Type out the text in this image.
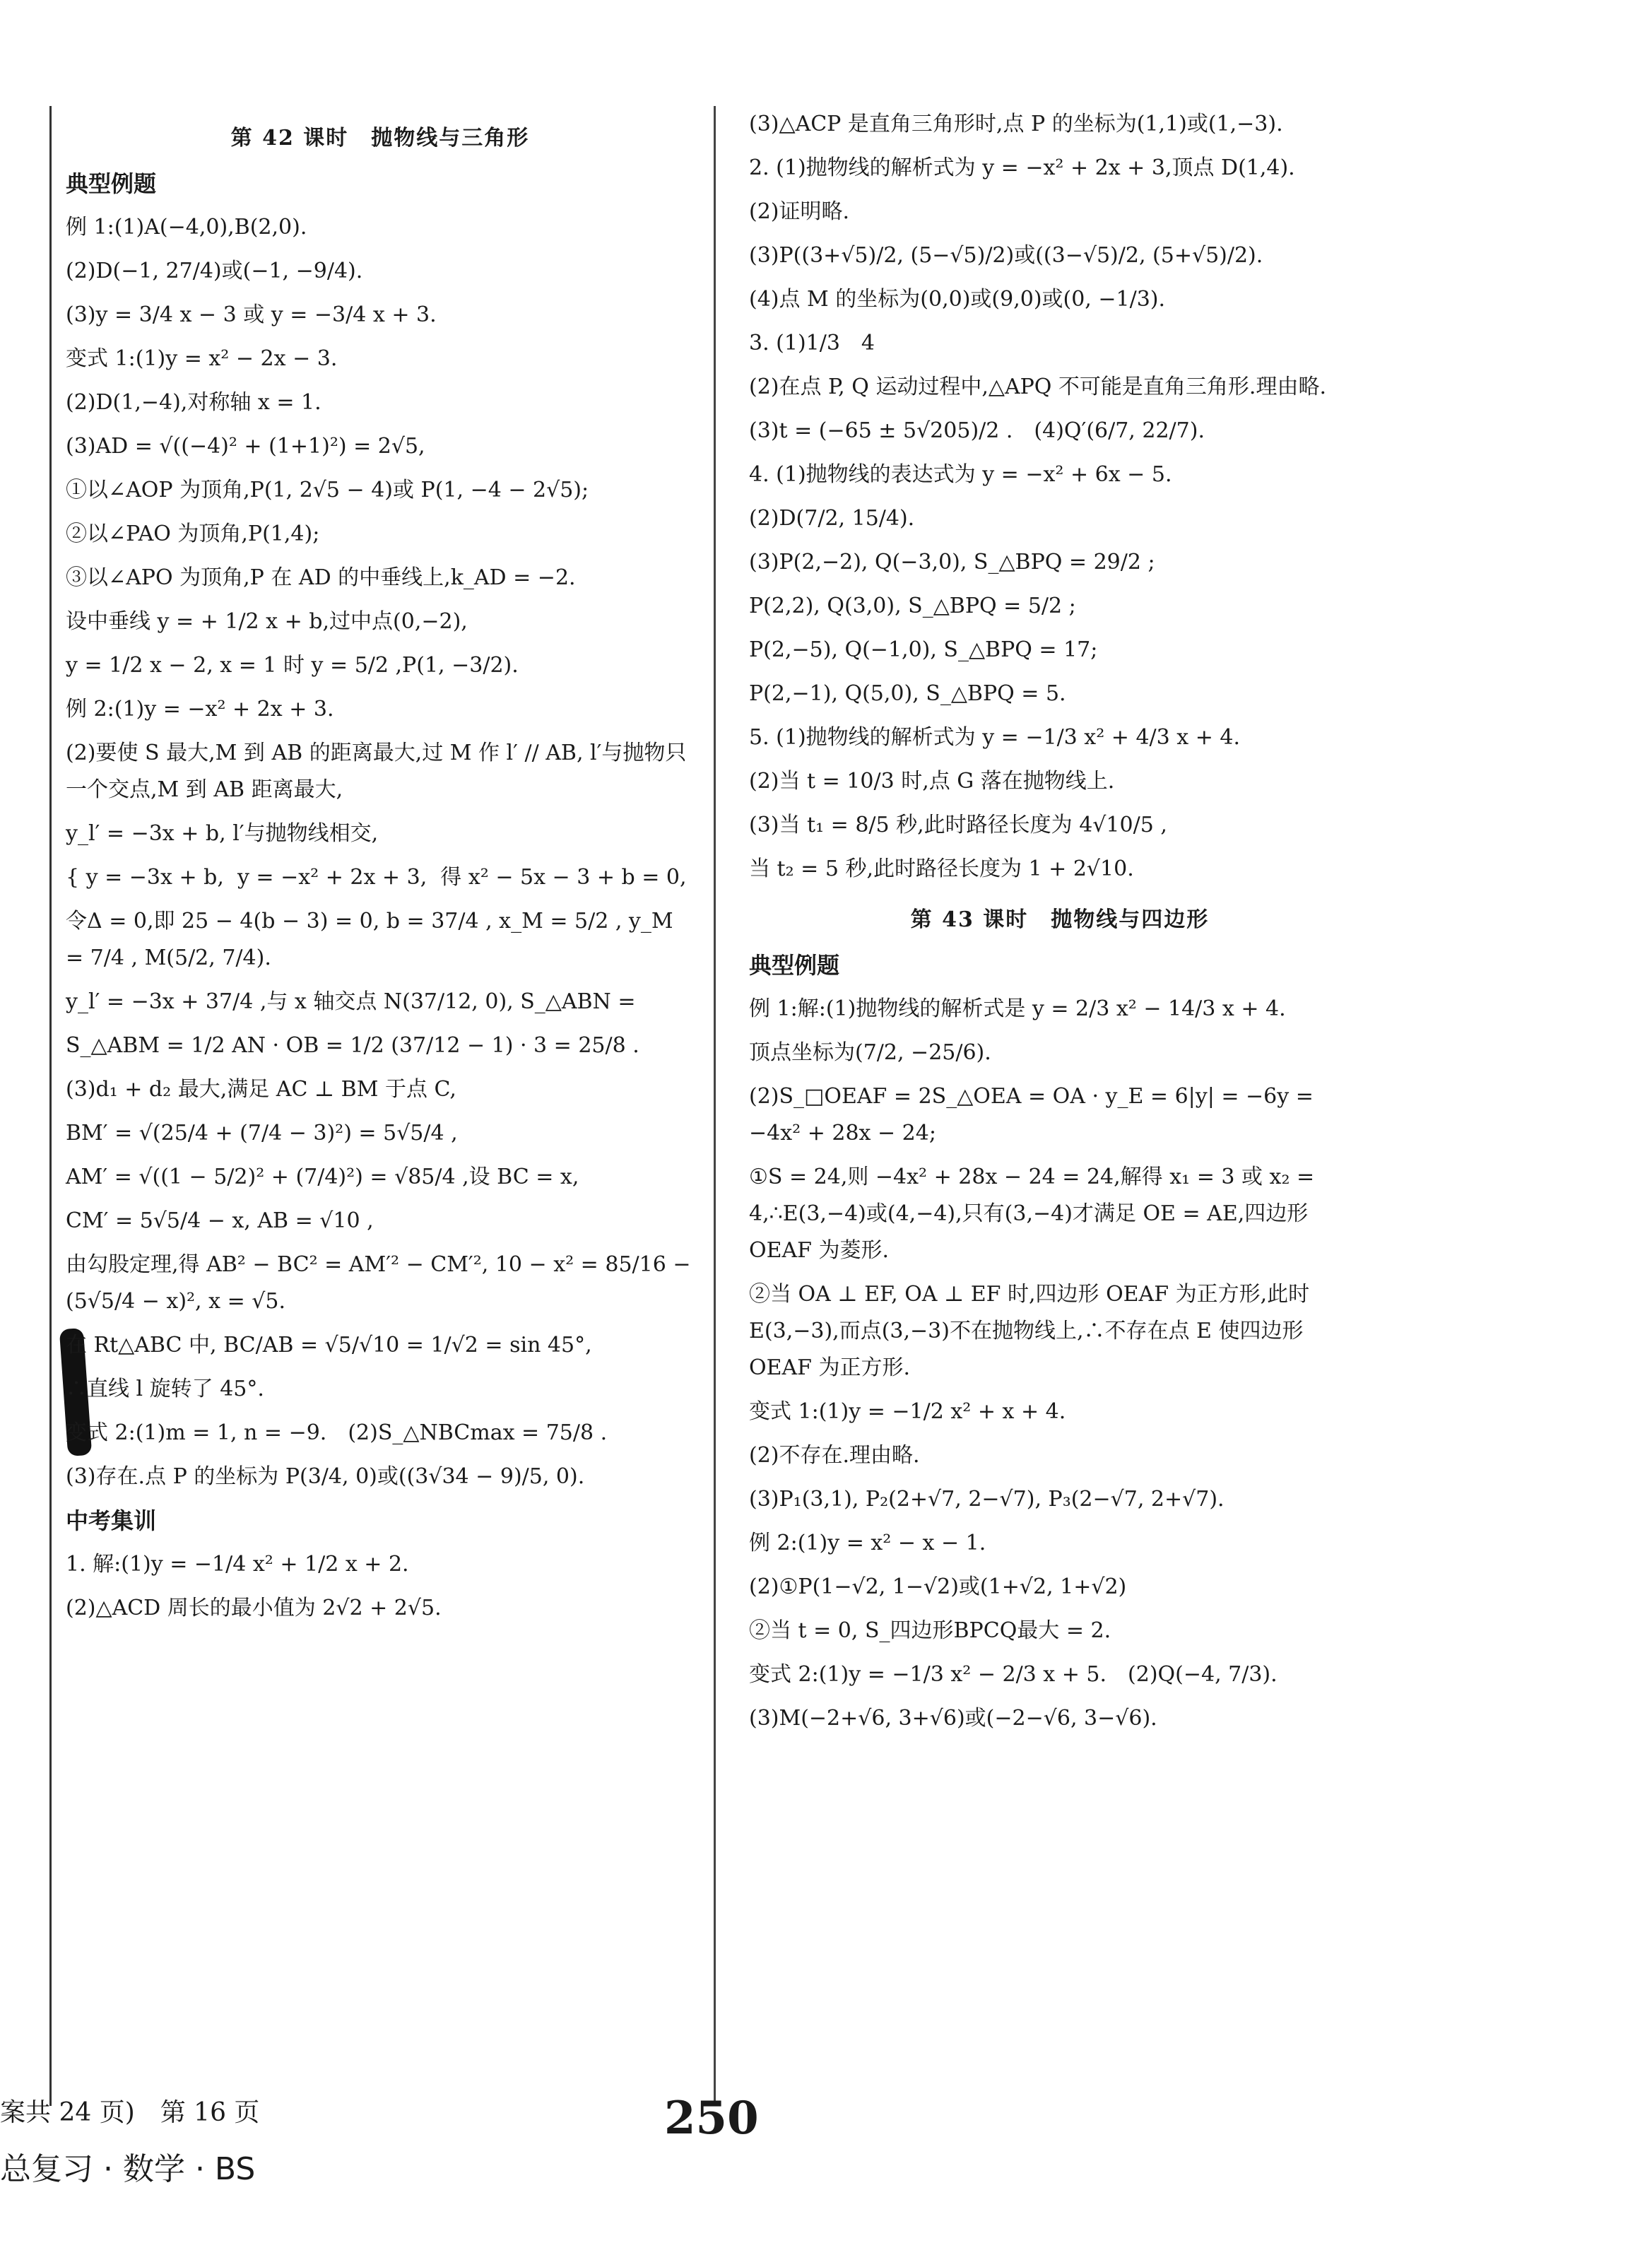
第 42 课时　抛物线与三角形
典型例题
例 1:(1)A(−4,0),B(2,0).
(2)D(−1, 27/4)或(−1, −9/4).
(3)y = 3/4 x − 3 或 y = −3/4 x + 3.
变式 1:(1)y = x² − 2x − 3.
(2)D(1,−4),对称轴 x = 1.
(3)AD = √((−4)² + (1+1)²) = 2√5,
①以∠AOP 为顶角,P(1, 2√5 − 4)或 P(1, −4 − 2√5);
②以∠PAO 为顶角,P(1,4);
③以∠APO 为顶角,P 在 AD 的中垂线上,k_AD = −2.
设中垂线 y = + 1/2 x + b,过中点(0,−2),
y = 1/2 x − 2, x = 1 时 y = 5/2 ,P(1, −3/2).
例 2:(1)y = −x² + 2x + 3.
(2)要使 S 最大,M 到 AB 的距离最大,过 M 作 l′ // AB, l′与抛物只一个交点,M 到 AB 距离最大,
y_l′ = −3x + b, l′与抛物线相交,
{ y = −3x + b,  y = −x² + 2x + 3,  得 x² − 5x − 3 + b = 0,
令Δ = 0,即 25 − 4(b − 3) = 0, b = 37/4 , x_M = 5/2 , y_M = 7/4 , M(5/2, 7/4).
y_l′ = −3x + 37/4 ,与 x 轴交点 N(37/12, 0), S_△ABN =
S_△ABM = 1/2 AN · OB = 1/2 (37/12 − 1) · 3 = 25/8 .
(3)d₁ + d₂ 最大,满足 AC ⊥ BM 于点 C,
BM′ = √(25/4 + (7/4 − 3)²) = 5√5/4 ,
AM′ = √((1 − 5/2)² + (7/4)²) = √85/4 ,设 BC = x,
CM′ = 5√5/4 − x, AB = √10 ,
由勾股定理,得 AB² − BC² = AM′² − CM′², 10 − x² = 85/16 − (5√5/4 − x)², x = √5.
在 Rt△ABC 中, BC/AB = √5/√10 = 1/√2 = sin 45°,
∴直线 l 旋转了 45°.
变式 2:(1)m = 1, n = −9.　(2)S_△NBCmax = 75/8 .
(3)存在.点 P 的坐标为 P(3/4, 0)或((3√34 − 9)/5, 0).
中考集训
1. 解:(1)y = −1/4 x² + 1/2 x + 2.
(2)△ACD 周长的最小值为 2√2 + 2√5.
(3)△ACP 是直角三角形时,点 P 的坐标为(1,1)或(1,−3).
2. (1)抛物线的解析式为 y = −x² + 2x + 3,顶点 D(1,4).
(2)证明略.
(3)P((3+√5)/2, (5−√5)/2)或((3−√5)/2, (5+√5)/2).
(4)点 M 的坐标为(0,0)或(9,0)或(0, −1/3).
3. (1)1/3　4
(2)在点 P, Q 运动过程中,△APQ 不可能是直角三角形.理由略.
(3)t = (−65 ± 5√205)/2 .　(4)Q′(6/7, 22/7).
4. (1)抛物线的表达式为 y = −x² + 6x − 5.
(2)D(7/2, 15/4).
(3)P(2,−2), Q(−3,0), S_△BPQ = 29/2 ;
P(2,2), Q(3,0), S_△BPQ = 5/2 ;
P(2,−5), Q(−1,0), S_△BPQ = 17;
P(2,−1), Q(5,0), S_△BPQ = 5.
5. (1)抛物线的解析式为 y = −1/3 x² + 4/3 x + 4.
(2)当 t = 10/3 时,点 G 落在抛物线上.
(3)当 t₁ = 8/5 秒,此时路径长度为 4√10/5 ,
当 t₂ = 5 秒,此时路径长度为 1 + 2√10.
第 43 课时　抛物线与四边形
典型例题
例 1:解:(1)抛物线的解析式是 y = 2/3 x² − 14/3 x + 4.
顶点坐标为(7/2, −25/6).
(2)S_□OEAF = 2S_△OEA = OA · y_E = 6|y| = −6y = −4x² + 28x − 24;
①S = 24,则 −4x² + 28x − 24 = 24,解得 x₁ = 3 或 x₂ = 4,∴E(3,−4)或(4,−4),只有(3,−4)才满足 OE = AE,四边形 OEAF 为菱形.
②当 OA ⊥ EF, OA ⊥ EF 时,四边形 OEAF 为正方形,此时 E(3,−3),而点(3,−3)不在抛物线上,∴不存在点 E 使四边形 OEAF 为正方形.
变式 1:(1)y = −1/2 x² + x + 4.
(2)不存在.理由略.
(3)P₁(3,1), P₂(2+√7, 2−√7), P₃(2−√7, 2+√7).
例 2:(1)y = x² − x − 1.
(2)①P(1−√2, 1−√2)或(1+√2, 1+√2)
②当 t = 0, S_四边形BPCQ最大 = 2.
变式 2:(1)y = −1/3 x² − 2/3 x + 5.　(2)Q(−4, 7/3).
(3)M(−2+√6, 3+√6)或(−2−√6, 3−√6).
案共 24 页)　第 16 页
总复习 · 数学 · BS
250
